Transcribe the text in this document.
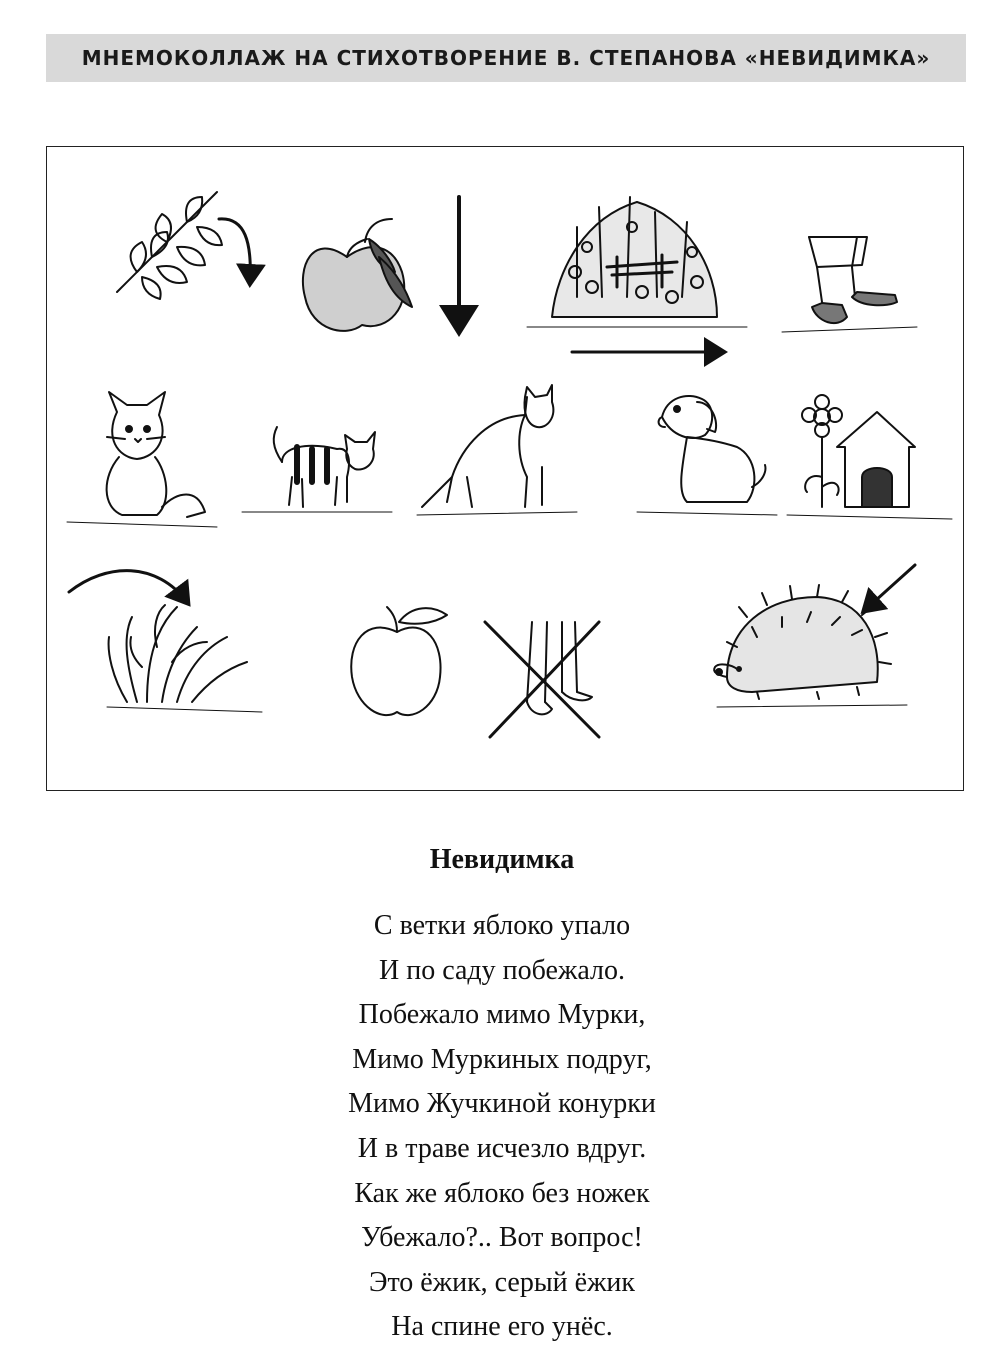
МНЕМОКОЛЛАЖ НА СТИХОТВОРЕНИЕ В. СТЕПАНОВА «НЕВИДИМКА»
Невидимка
С ветки яблоко упало
И по саду побежало.
Побежало мимо Мурки,
Мимо Муркиных подруг,
Мимо Жучкиной конурки
И в траве исчезло вдруг.
Как же яблоко без ножек
Убежало?.. Вот вопрос!
Это ёжик, серый ёжик
На спине его унёс.
